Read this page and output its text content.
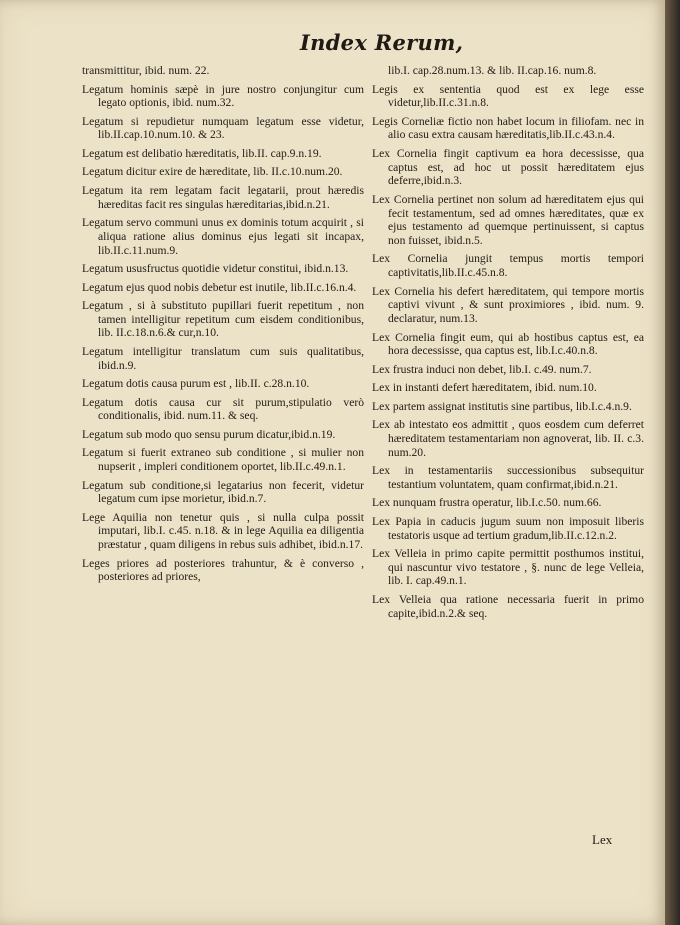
Index Rerum,

transmittitur, ibid. num. 22.

Legatum hominis sæpè in jure nostro conjungitur cum legato optionis, ibid. num.32.

Legatum si repudietur numquam legatum esse videtur, lib.II.cap.10.num.10. & 23.

Legatum est delibatio hæreditatis, lib.II. cap.9.n.19.

Legatum dicitur exire de hæreditate, lib. II.c.10.num.20.

Legatum ita rem legatam facit legatarii, prout hæredis hæreditas facit res singulas hæreditarias,ibid.n.21.

Legatum servo communi unus ex dominis totum acquirit , si aliqua ratione alius dominus ejus legati sit incapax, lib.II.c.11.num.9.

Legatum ususfructus quotidie videtur constitui, ibid.n.13.

Legatum ejus quod nobis debetur est inutile, lib.II.c.16.n.4.

Legatum , si à substituto pupillari fuerit repetitum , non tamen intelligitur repetitum cum eisdem conditionibus, lib. II.c.18.n.6.& cur,n.10.

Legatum intelligitur translatum cum suis qualitatibus, ibid.n.9.

Legatum dotis causa purum est , lib.II. c.28.n.10.

Legatum dotis causa cur sit purum,stipulatio verò conditionalis, ibid. num.11. & seq.

Legatum sub modo quo sensu purum dicatur,ibid.n.19.

Legatum si fuerit extraneo sub conditione , si mulier non nupserit , impleri conditionem oportet, lib.II.c.49.n.1.

Legatum sub conditione,si legatarius non fecerit, videtur legatum cum ipse morietur, ibid.n.7.

Lege Aquilia non tenetur quis , si nulla culpa possit imputari, lib.I. c.45. n.18. & in lege Aquilia ea diligentia præstatur , quam diligens in rebus suis adhibet, ibid.n.17.

Leges priores ad posteriores trahuntur, & è converso , posteriores ad priores,

lib.I. cap.28.num.13. & lib. II.cap.16. num.8.

Legis ex sententia quod est ex lege esse videtur,lib.II.c.31.n.8.

Legis Corneliæ fictio non habet locum in filiofam. nec in alio casu extra causam hæreditatis,lib.II.c.43.n.4.

Lex Cornelia fingit captivum ea hora decessisse, qua captus est, ad hoc ut possit hæreditatem ejus deferre,ibid.n.3.

Lex Cornelia pertinet non solum ad hæreditatem ejus qui fecit testamentum, sed ad omnes hæreditates, quæ ex ejus testamento ad quemque pertinuissent, si captus non fuisset, ibid.n.5.

Lex Cornelia jungit tempus mortis tempori captivitatis,lib.II.c.45.n.8.

Lex Cornelia his defert hæreditatem, qui tempore mortis captivi vivunt , & sunt proximiores , ibid. num. 9. declaratur, num.13.

Lex Cornelia fingit eum, qui ab hostibus captus est, ea hora decessisse, qua captus est, lib.I.c.40.n.8.

Lex frustra induci non debet, lib.I. c.49. num.7.

Lex in instanti defert hæreditatem, ibid. num.10.

Lex partem assignat institutis sine partibus, lib.I.c.4.n.9.

Lex ab intestato eos admittit , quos eosdem cum deferret hæreditatem testamentariam non agnoverat, lib. II. c.3. num.20.

Lex in testamentariis successionibus subsequitur testantium voluntatem, quam confirmat,ibid.n.21.

Lex nunquam frustra operatur, lib.I.c.50. num.66.

Lex Papia in caducis jugum suum non imposuit liberis testatoris usque ad tertium gradum,lib.II.c.12.n.2.

Lex Velleia in primo capite permittit posthumos institui, qui nascuntur vivo testatore , §. nunc de lege Velleia, lib. I. cap.49.n.1.

Lex Velleia qua ratione necessaria fuerit in primo capite,ibid.n.2.& seq.

Lex
